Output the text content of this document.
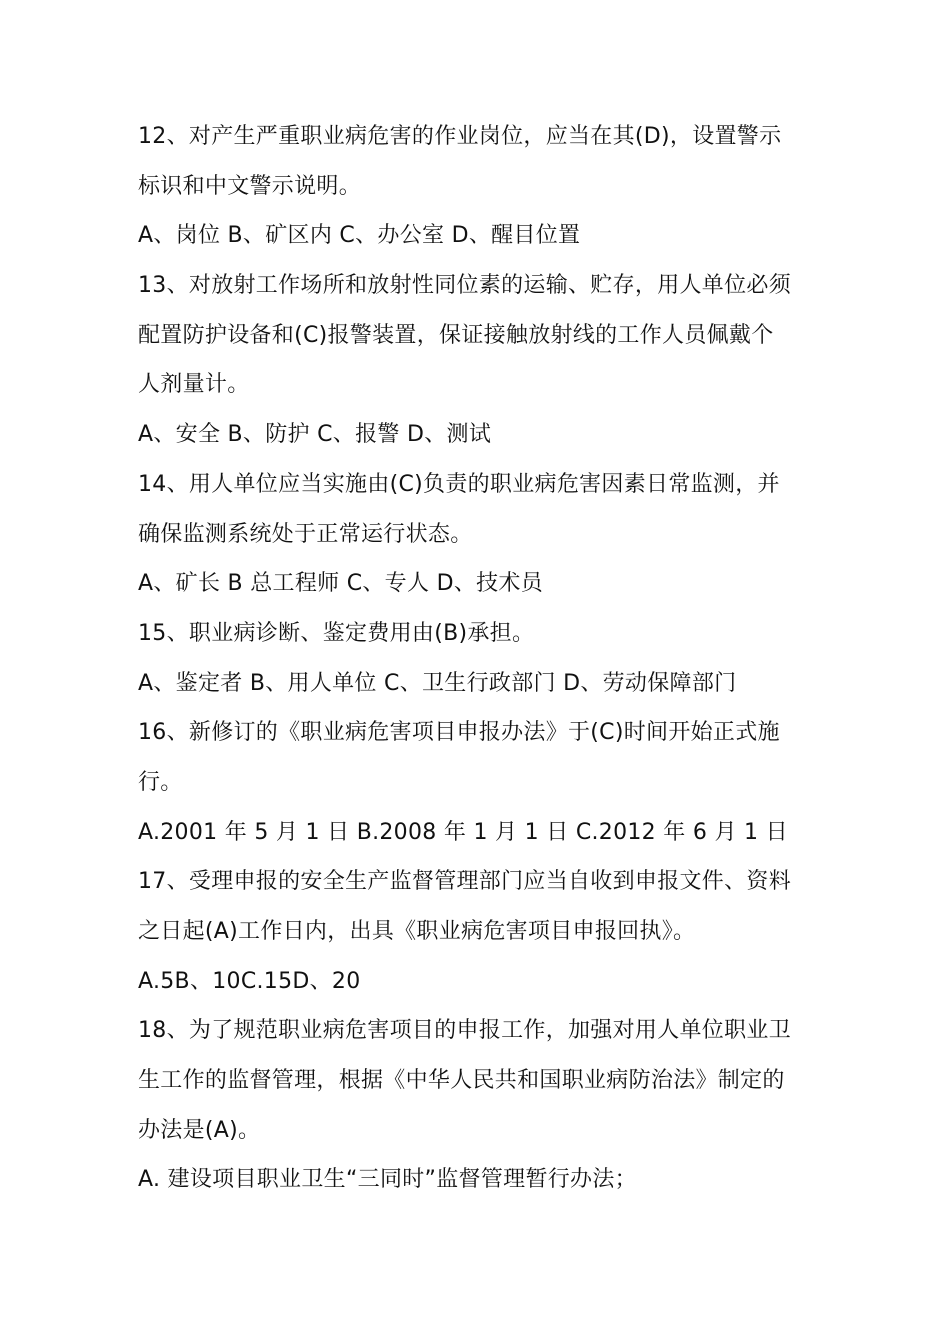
12、对产生严重职业病危害的作业岗位，应当在其(D)，设置警示
标识和中文警示说明。
A、岗位 B、矿区内 C、办公室 D、醒目位置
13、对放射工作场所和放射性同位素的运输、贮存，用人单位必须
配置防护设备和(C)报警装置，保证接触放射线的工作人员佩戴个
人剂量计。
A、安全 B、防护 C、报警 D、测试
14、用人单位应当实施由(C)负责的职业病危害因素日常监测，并
确保监测系统处于正常运行状态。
A、矿长 B 总工程师 C、专人 D、技术员
15、职业病诊断、鉴定费用由(B)承担。
A、鉴定者 B、用人单位 C、卫生行政部门 D、劳动保障部门
16、新修订的《职业病危害项目申报办法》于(C)时间开始正式施
行。
A.2001 年 5 月 1 日 B.2008 年 1 月 1 日 C.2012 年 6 月 1 日
17、受理申报的安全生产监督管理部门应当自收到申报文件、资料
之日起(A)工作日内，出具《职业病危害项目申报回执》。
A.5B、10C.15D、20
18、为了规范职业病危害项目的申报工作，加强对用人单位职业卫
生工作的监督管理，根据《中华人民共和国职业病防治法》制定的
办法是(A)。
A. 建设项目职业卫生“三同时”监督管理暂行办法；
